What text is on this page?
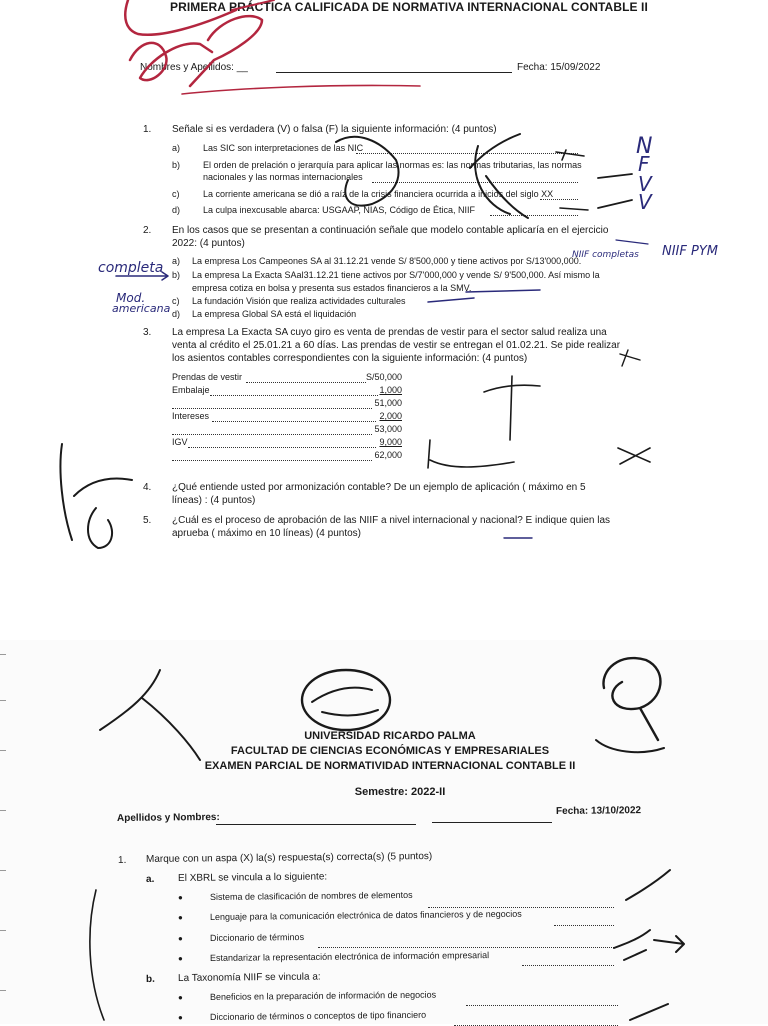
PRIMERA PRÁCTICA CALIFICADA DE NORMATIVA INTERNACIONAL CONTABLE II
Nombres y Apellidos: __	Fecha: 15/09/2022
1. Señale si es verdadera (V) o falsa (F) la siguiente información: (4 puntos)
a)	Las SIC son interpretaciones de las NIC
b)	El orden de prelación o jerarquía para aplicar las normas es: las normas tributarias, las normas
nacionales y las normas internacionales
c)	La corriente americana se dió a raíz de la crisis financiera ocurrida a inicios del siglo XX
d)	La culpa inexcusable abarca: USGAAP, NIAS, Código de Ética, NIIF
2. En los casos que se presentan a continuación señale que modelo contable aplicaría en el ejercicio
2022: (4 puntos)
a) La empresa Los Campeones SA al 31.12.21 vende S/ 8'500,000 y tiene activos por S/13'000,000.
b) La empresa La Exacta SAal31.12.21 tiene activos por S/7'000,000 y vende S/ 9'500,000. Así mismo la
empresa cotiza en bolsa y presenta sus estados financieros a la SMV.
c) La fundación Visión que realiza actividades culturales
d) La empresa Global SA está el liquidación
3. La empresa La Exacta SA cuyo giro es venta de prendas de vestir para el sector salud realiza una
venta al crédito el 25.01.21 a 60 días. Las prendas de vestir se entregan el 01.02.21. Se pide realizar
los asientos contables correspondientes con la siguiente información: (4 puntos)
Prendas de vestir	S/50,000
Embalaje	1,000
51,000
Intereses	2,000
53,000
IGV	9,000
62,000
4. ¿Qué entiende usted por armonización contable? De un ejemplo de aplicación ( máximo en 5
líneas) : (4 puntos)
5. ¿Cuál es el proceso de aprobación de las NIIF a nivel internacional y nacional? E indique quien las
aprueba ( máximo en 10 líneas) (4 puntos)
N
F
V
V
completa
Mod.
americana
NIIF completas NIIF PYM
UNIVERSIDAD RICARDO PALMA
FACULTAD DE CIENCIAS ECONÓMICAS Y EMPRESARIALES
EXAMEN PARCIAL DE NORMATIVIDAD INTERNACIONAL CONTABLE II
Semestre: 2022-II
Apellidos y Nombres:
Fecha: 13/10/2022
1. Marque con un aspa (X) la(s) respuesta(s) correcta(s) (5 puntos)
a. El XBRL se vincula a lo siguiente:
●	Sistema de clasificación de nombres de elementos
●	Lenguaje para la comunicación electrónica de datos financieros y de negocios
●	Diccionario de términos
●	Estandarizar la representación electrónica de información empresarial
b. La Taxonomía NIIF se vincula a:
●	Beneficios en la preparación de información de negocios
●	Diccionario de términos o conceptos de tipo financiero
